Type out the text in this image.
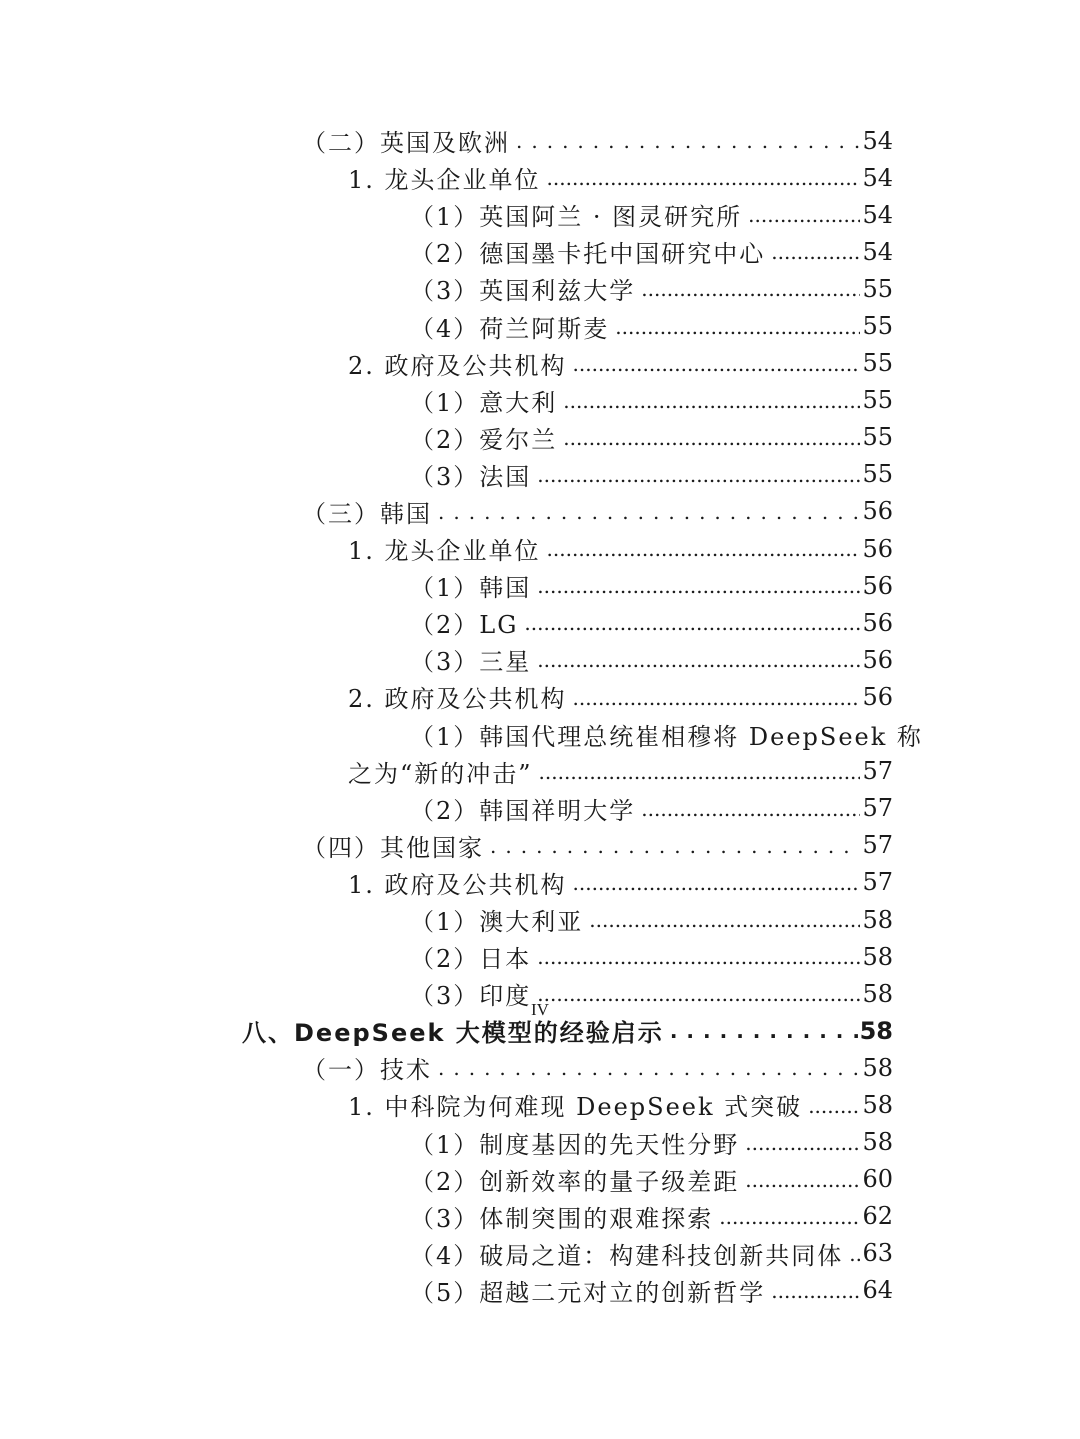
（二）英国及欧洲 .....	54
1. 龙头企业单位 .....	54
（1）英国阿兰 · 图灵研究所 .....	54
（2）德国墨卡托中国研究中心 .....	54
（3）英国利兹大学 .....	55
（4）荷兰阿斯麦 .....	55
2. 政府及公共机构 .....	55
（1）意大利 .....	55
（2）爱尔兰 .....	55
（3）法国 .....	55
（三）韩国 .....	56
1. 龙头企业单位 .....	56
（1）韩国 .....	56
（2）LG .....	56
（3）三星 .....	56
2. 政府及公共机构 .....	56
（1）韩国代理总统崔相穆将 DeepSeek 称
之为“新的冲击” .....	57
（2）韩国祥明大学 .....	57
（四）其他国家 .....	57
1. 政府及公共机构 .....	57
（1）澳大利亚 .....	58
（2）日本 .....	58
（3）印度 .....	58
八、DeepSeek 大模型的经验启示 .....	58
（一）技术 .....	58
1. 中科院为何难现 DeepSeek 式突破 .....	58
（1）制度基因的先天性分野 .....	58
（2）创新效率的量子级差距 .....	60
（3）体制突围的艰难探索 .....	62
（4）破局之道：构建科技创新共同体 ..... 63
（5）超越二元对立的创新哲学 .....	64
IV
